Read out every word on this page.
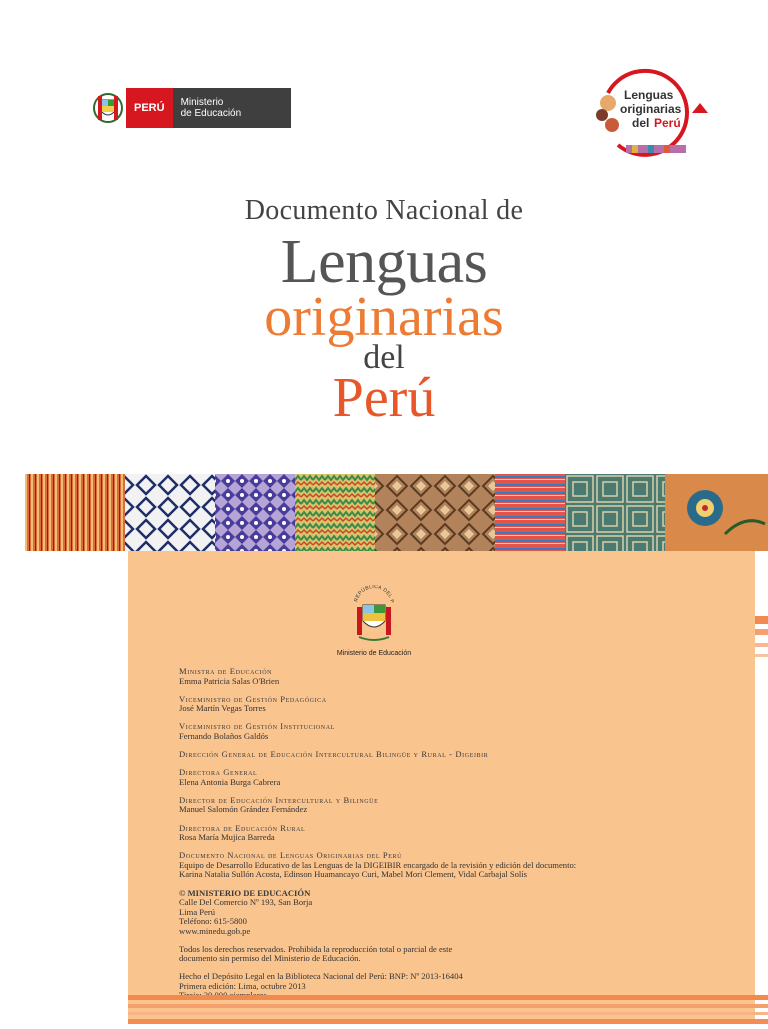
PERÚ	Ministerio
de Educación
Lenguas
originarias
del Perú
Documento Nacional de
Lenguas
originarias
del
Perú
REPÚBLICA DEL P
Ministerio de Educación
Ministra de Educación
Emma Patricia Salas O'Brien
Viceministro de Gestión Pedagógica
José Martín Vegas Torres
Viceministro de Gestión Institucional
Fernando Bolaños Galdós
Dirección General de Educación Intercultural Bilingüe y Rural - Digeibir
Directora General
Elena Antonia Burga Cabrera
Director de Educación Intercultural y Bilingüe
Manuel Salomón Grández Fernández
Directora de Educación Rural
Rosa María Mujica Barreda
Documento Nacional de Lenguas Originarias del Perú
Equipo de Desarrollo Educativo de las Lenguas de la DIGEIBIR encargado de la revisión y edición del documento:
Karina Natalia Sullón Acosta, Edinson Huamancayo Curi, Mabel Mori Clement, Vidal Carbajal Solís
© MINISTERIO DE EDUCACIÓN
Calle Del Comercio Nº 193, San Borja
Lima Perú
Teléfono: 615-5800
www.minedu.gob.pe
Todos los derechos reservados. Prohibida la reproducción total o parcial de este
documento sin permiso del Ministerio de Educación.
Hecho el Depósito Legal en la Biblioteca Nacional del Perú: BNP: Nº 2013-16404
Primera edición: Lima, octubre 2013
